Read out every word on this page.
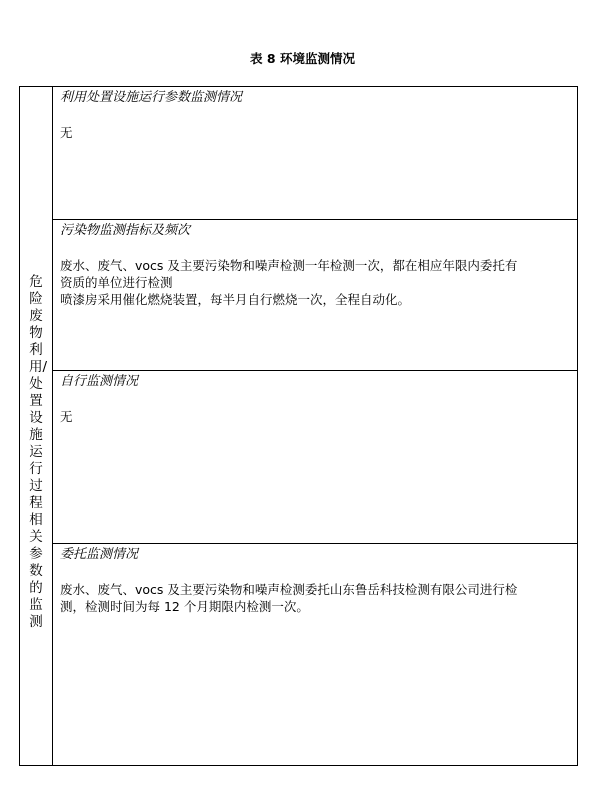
表 8 环境监测情况
危险废物利用/处置设施运行过程相关参数的监测
利用处置设施运行参数监测情况
无
污染物监测指标及频次
废水、废气、vocs 及主要污染物和噪声检测一年检测一次，都在相应年限内委托有
资质的单位进行检测
喷漆房采用催化燃烧装置，每半月自行燃烧一次，全程自动化。
自行监测情况
无
委托监测情况
废水、废气、vocs 及主要污染物和噪声检测委托山东鲁岳科技检测有限公司进行检
测，检测时间为每 12 个月期限内检测一次。
